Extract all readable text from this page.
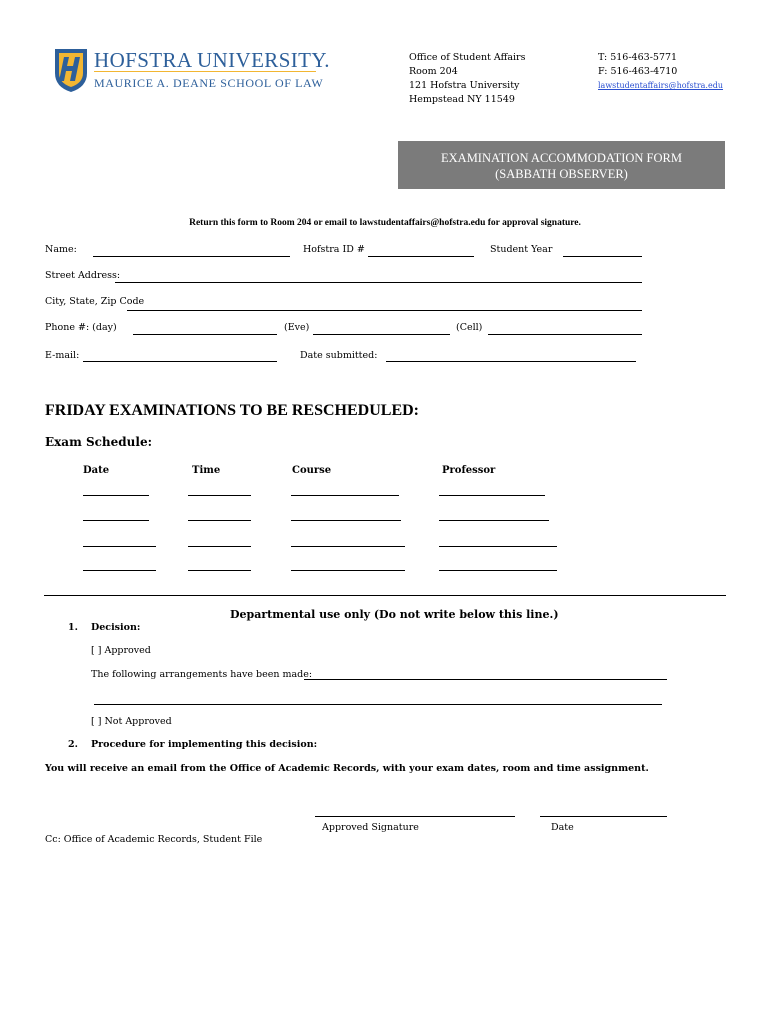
HOFSTRA UNIVERSITY.
MAURICE A. DEANE SCHOOL OF LAW
Office of Student Affairs
Room 204
121 Hofstra University
Hempstead NY 11549
T: 516-463-5771
F: 516-463-4710
lawstudentaffairs@hofstra.edu
EXAMINATION ACCOMMODATION FORM
(SABBATH OBSERVER)
Return this form to Room 204 or email to lawstudentaffairs@hofstra.edu for approval signature.
Name:	Hofstra ID #	Student Year
Street Address:
City, State, Zip Code
Phone #: (day)	(Eve)	(Cell)
E-mail:	Date submitted:
FRIDAY EXAMINATIONS TO BE RESCHEDULED:
Exam Schedule:
Date	Time	Course	Professor
Departmental use only (Do not write below this line.)
1. Decision:
[ ] Approved
The following arrangements have been made:
[ ] Not Approved
2. Procedure for implementing this decision:
You will receive an email from the Office of Academic Records, with your exam dates, room and time assignment.
Approved Signature	Date
Cc: Office of Academic Records, Student File
